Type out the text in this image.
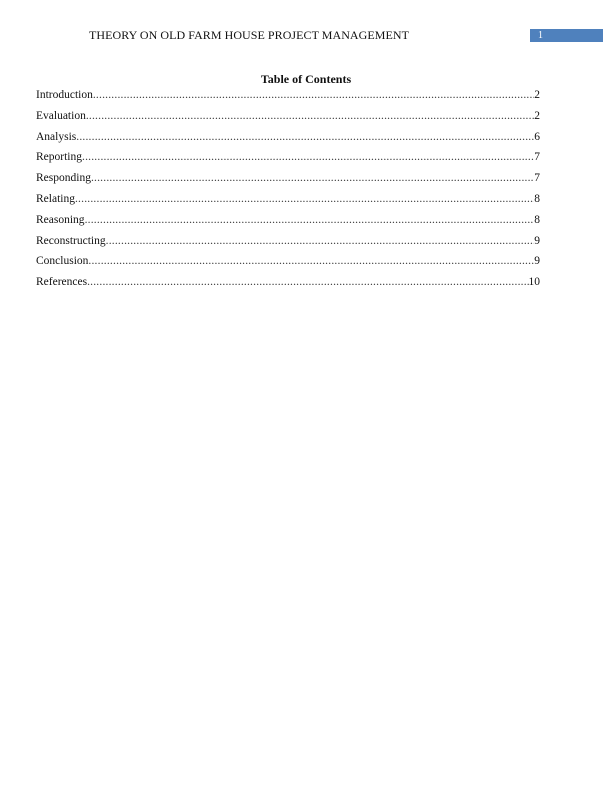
THEORY ON OLD FARM HOUSE PROJECT MANAGEMENT	1
Table of Contents
Introduction .....	2
Evaluation .....	2
Analysis .....	6
Reporting .....	7
Responding .....	7
Relating .....	8
Reasoning .....	8
Reconstructing .....	9
Conclusion .....	9
References .....	10
